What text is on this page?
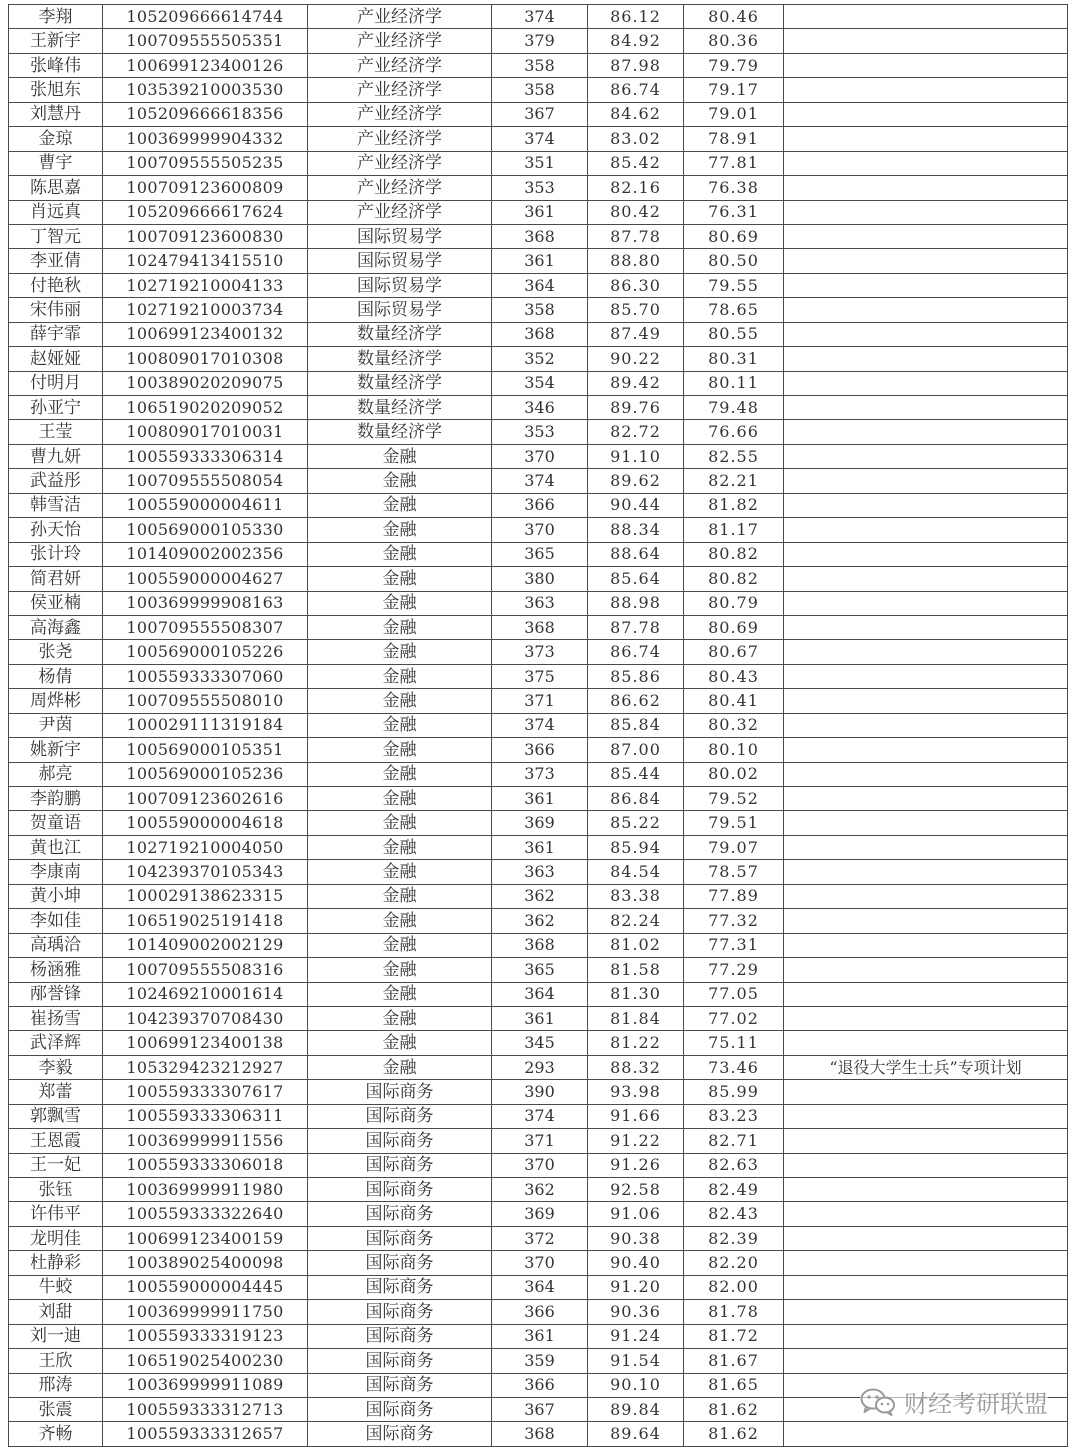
李翔	105209666614744	产业经济学	374	86.12	80.46	
王新宇	100709555505351	产业经济学	379	84.92	80.36	
张峰伟	100699123400126	产业经济学	358	87.98	79.79	
张旭东	103539210003530	产业经济学	358	86.74	79.17	
刘慧丹	105209666618356	产业经济学	367	84.62	79.01	
金琼	100369999904332	产业经济学	374	83.02	78.91	
曹宇	100709555505235	产业经济学	351	85.42	77.81	
陈思嘉	100709123600809	产业经济学	353	82.16	76.38	
肖远真	105209666617624	产业经济学	361	80.42	76.31	
丁智元	100709123600830	国际贸易学	368	87.78	80.69	
李亚倩	102479413415510	国际贸易学	361	88.80	80.50	
付艳秋	102719210004133	国际贸易学	364	86.30	79.55	
宋伟丽	102719210003734	国际贸易学	358	85.70	78.65	
薛宇霏	100699123400132	数量经济学	368	87.49	80.55	
赵娅娅	100809017010308	数量经济学	352	90.22	80.31	
付明月	100389020209075	数量经济学	354	89.42	80.11	
孙亚宁	106519020209052	数量经济学	346	89.76	79.48	
王莹	100809017010031	数量经济学	353	82.72	76.66	
曹九妍	100559333306314	金融	370	91.10	82.55	
武益彤	100709555508054	金融	374	89.62	82.21	
韩雪洁	100559000004611	金融	366	90.44	81.82	
孙天怡	100569000105330	金融	370	88.34	81.17	
张计玲	101409002002356	金融	365	88.64	80.82	
简君妍	100559000004627	金融	380	85.64	80.82	
侯亚楠	100369999908163	金融	363	88.98	80.79	
高海鑫	100709555508307	金融	368	87.78	80.69	
张尧	100569000105226	金融	373	86.74	80.67	
杨倩	100559333307060	金融	375	85.86	80.43	
周烨彬	100709555508010	金融	371	86.62	80.41	
尹茵	100029111319184	金融	374	85.84	80.32	
姚新宇	100569000105351	金融	366	87.00	80.10	
郝亮	100569000105236	金融	373	85.44	80.02	
李韵鹏	100709123602616	金融	361	86.84	79.52	
贺童语	100559000004618	金融	369	85.22	79.51	
黄也江	102719210004050	金融	361	85.94	79.07	
李康南	104239370105343	金融	363	84.54	78.57	
黄小坤	100029138623315	金融	362	83.38	77.89	
李如佳	106519025191418	金融	362	82.24	77.32	
高瑀洽	101409002002129	金融	368	81.02	77.31	
杨涵雅	100709555508316	金融	365	81.58	77.29	
邴誉锋	102469210001614	金融	364	81.30	77.05	
崔扬雪	104239370708430	金融	361	81.84	77.02	
武泽辉	100699123400138	金融	345	81.22	75.11	
李毅	105329423212927	金融	293	88.32	73.46	“退役大学生士兵”专项计划
郑蕾	100559333307617	国际商务	390	93.98	85.99	
郭飘雪	100559333306311	国际商务	374	91.66	83.23	
王恩霞	100369999911556	国际商务	371	91.22	82.71	
王一妃	100559333306018	国际商务	370	91.26	82.63	
张钰	100369999911980	国际商务	362	92.58	82.49	
许伟平	100559333322640	国际商务	369	91.06	82.43	
龙明佳	100699123400159	国际商务	372	90.38	82.39	
杜静彩	100389025400098	国际商务	370	90.40	82.20	
牛蛟	100559000004445	国际商务	364	91.20	82.00	
刘甜	100369999911750	国际商务	366	90.36	81.78	
刘一迪	100559333319123	国际商务	361	91.24	81.72	
王欣	106519025400230	国际商务	359	91.54	81.67	
邢涛	100369999911089	国际商务	366	90.10	81.65	
张震	100559333312713	国际商务	367	89.84	81.62	
齐畅	100559333312657	国际商务	368	89.64	81.62	
财经考研联盟
